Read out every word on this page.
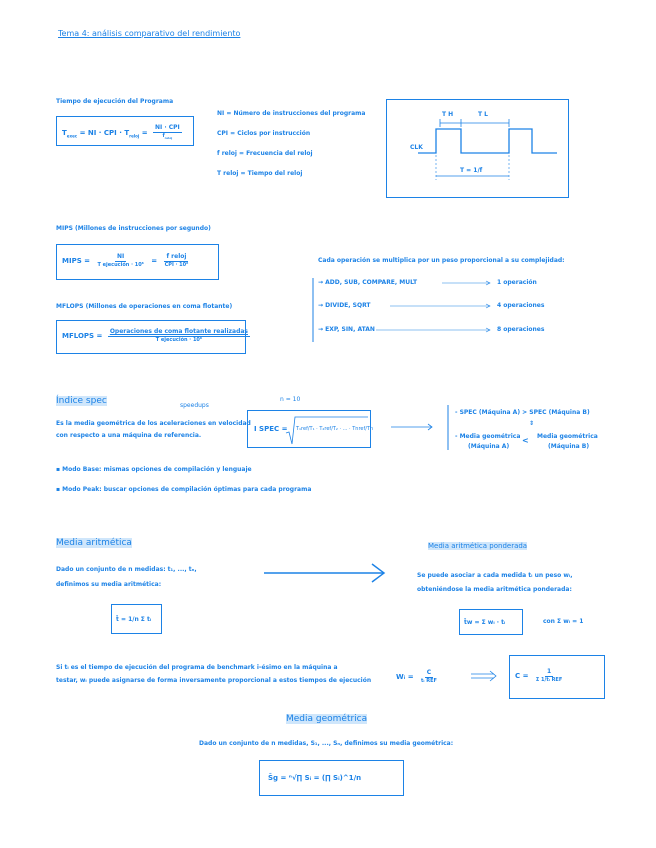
Tema 4: análisis comparativo del rendimiento
Tiempo de ejecución del Programa
$T_{exec}$ = NI · CPI · $T_{reloj} = \frac{\text{NI · CPI}}{f_{reloj}}$
NI = Número de instrucciones del programa
CPI = Ciclos por instrucción
f reloj = Frecuencia del reloj
T reloj = Tiempo del reloj
CLK
T H	T L
T = 1/f
MIPS (Millones de instrucciones por segundo)
MIPS = $\frac{NI}{\text{T ejecución · 10⁶}} = \frac{\text{f reloj}}{\text{CPI · 10⁶}}$
MFLOPS (Millones de operaciones en coma flotante)
MFLOPS = $\frac{\text{Operaciones de coma flotante realizadas}}{\text{T ejecución · 10⁶}}$
Cada operación se multiplica por un peso proporcional a su complejidad:
→ ADD, SUB, COMPARE, MULT	1 operación
→ DIVIDE, SQRT	4 operaciones
→ EXP, SIN, ATAN	8 operaciones
Índice spec	speedups
Es la media geométrica de los aceleraciones en velocidad
con respecto a una máquina de referencia.
n = 10
I SPEC = T₁ref/T₁ · T₂ref/T₂ · ... · Tnref/Tn
- SPEC (Máquina A) > SPEC (Máquina B)
⇕
- Media geométrica
(Máquina A)
< Media geométrica
(Máquina B)
▪ Modo Base: mismas opciones de compilación y lenguaje
▪ Modo Peak: buscar opciones de compilación óptimas para cada programa
Media aritmética
Dado un conjunto de n medidas: t₁, ..., tₙ,
definimos su media aritmética:
t̄ = 1/n Σ tᵢ
Media aritmética ponderada
Se puede asociar a cada medida tᵢ un peso wᵢ,
obteniéndose la media aritmética ponderada:
t̄w = Σ wᵢ · tᵢ	con Σ wᵢ = 1
Si tᵢ es el tiempo de ejecución del programa de benchmark i-ésimo en la máquina a
testar, wᵢ puede asignarse de forma inversamente proporcional a estos tiempos de ejecución	Wᵢ = $\frac{C}{\text{tᵢ REF}}$	$C = \frac{1}{\text{Σ 1/tᵢ REF}}$
Media geométrica
Dado un conjunto de n medidas, S₁, ..., Sₙ, definimos su media geométrica:
S̄g = ⁿ√∏ Sᵢ = (∏ Sᵢ)^1/n
